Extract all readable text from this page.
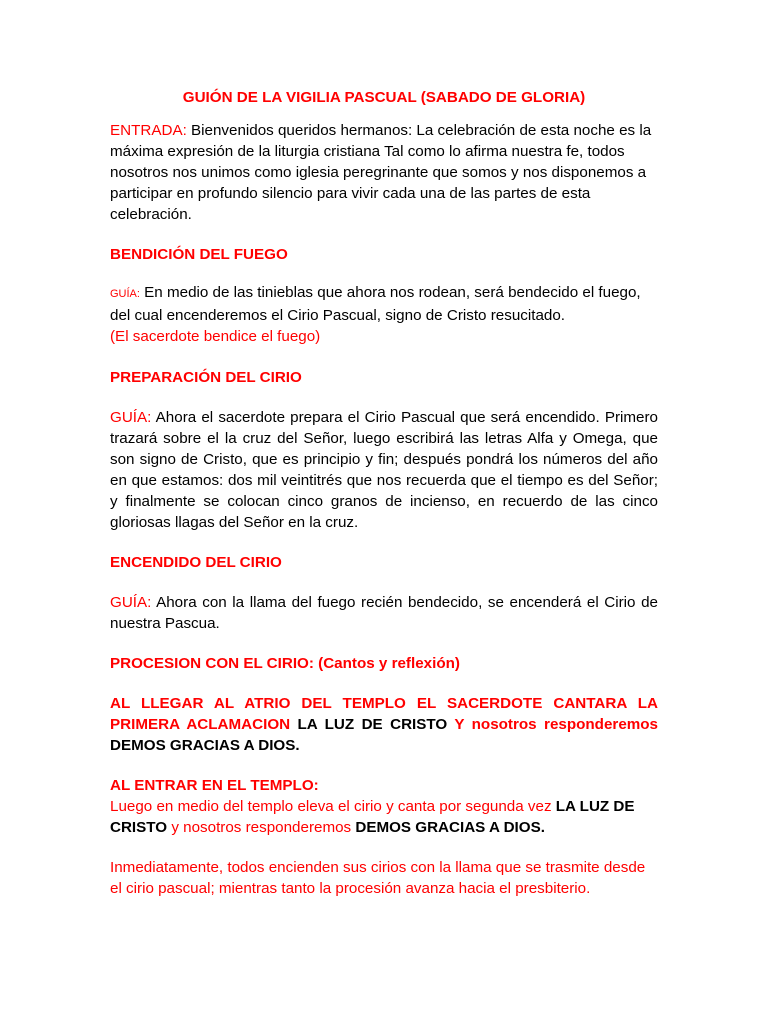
GUIÓN DE LA VIGILIA PASCUAL (SABADO DE GLORIA)

ENTRADA: Bienvenidos queridos hermanos: La celebración de esta noche es la máxima expresión de la liturgia cristiana Tal como lo afirma nuestra fe, todos nosotros nos unimos como iglesia peregrinante que somos y nos disponemos a participar en profundo silencio para vivir cada una de las partes de esta celebración.

BENDICIÓN DEL FUEGO

GUÍA: En medio de las tinieblas que ahora nos rodean, será bendecido el fuego, del cual encenderemos el Cirio Pascual, signo de Cristo resucitado.

(El sacerdote bendice el fuego)

PREPARACIÓN DEL CIRIO

GUÍA: Ahora el sacerdote prepara el Cirio Pascual que será encendido. Primero trazará sobre el la cruz del Señor, luego escribirá las letras Alfa y Omega, que son signo de Cristo, que es principio y fin; después pondrá los números del año en que estamos: dos mil veintitrés que nos recuerda que el tiempo es del Señor; y finalmente se colocan cinco granos de incienso, en recuerdo de las cinco gloriosas llagas del Señor en la cruz.

ENCENDIDO DEL CIRIO

GUÍA: Ahora con la llama del fuego recién bendecido, se encenderá el Cirio de nuestra Pascua.

PROCESION CON EL CIRIO: (Cantos y reflexión)

AL LLEGAR AL ATRIO DEL TEMPLO EL SACERDOTE CANTARA LA PRIMERA ACLAMACION LA LUZ DE CRISTO Y nosotros responderemos DEMOS GRACIAS A DIOS.

AL ENTRAR EN EL TEMPLO:

Luego en medio del templo eleva el cirio y canta por segunda vez LA LUZ DE CRISTO y nosotros responderemos DEMOS GRACIAS A DIOS.

Inmediatamente, todos encienden sus cirios con la llama que se trasmite desde el cirio pascual; mientras tanto la procesión avanza hacia el presbiterio.
